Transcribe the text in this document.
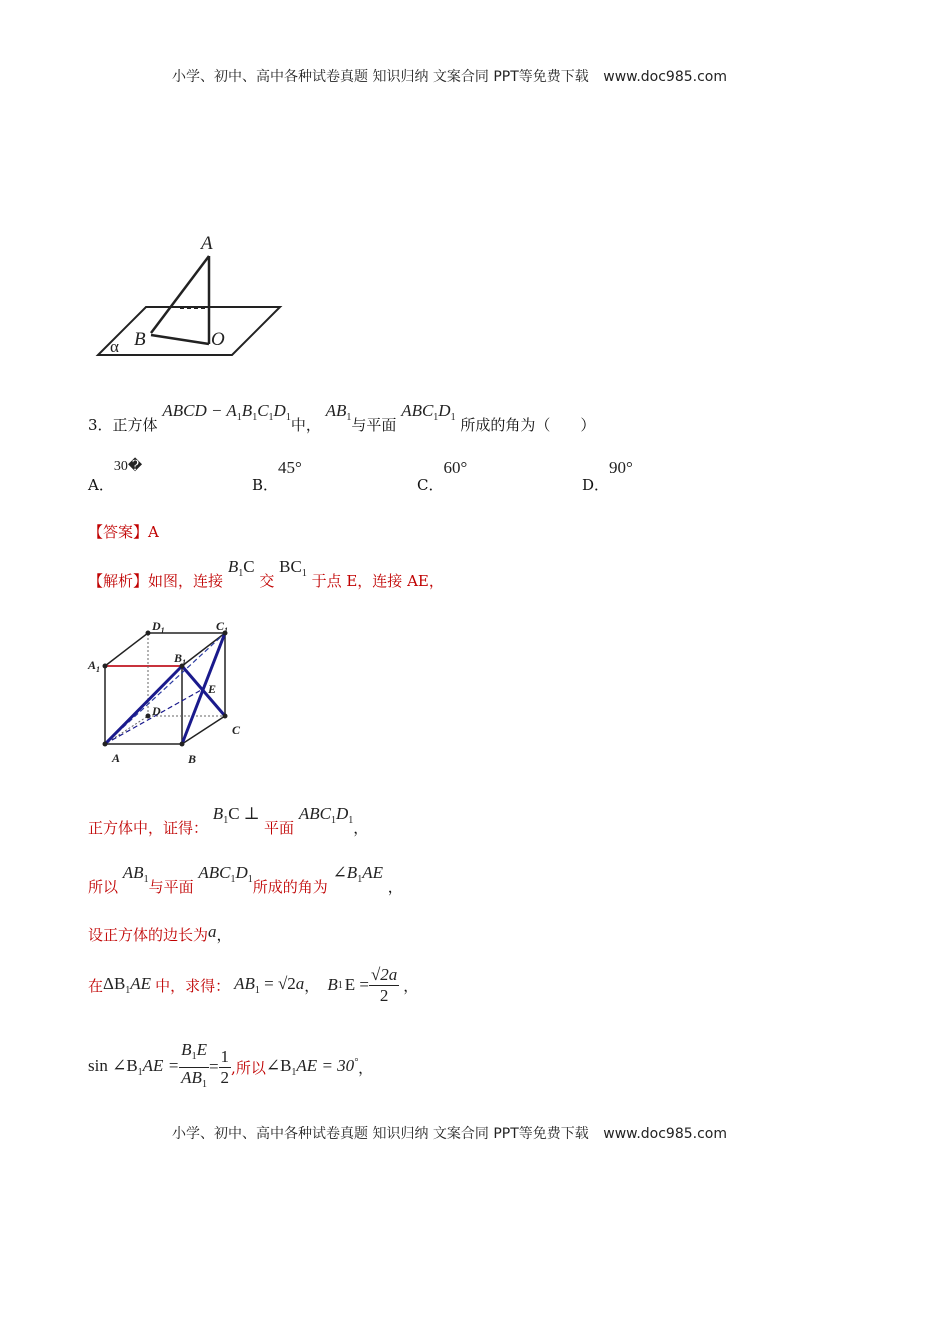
小学、初中、高中各种试卷真题 知识归纳 文案合同 PPT等免费下载 www.doc985.com
A
B	O
α
3．正方体 ABCD − $A_1B_1C_1D_1$中， $AB_1$与平面 $ABC_1D_1$ 所成的角为（　　）
A．30�
B．45°
C．60°
D．90°
【答案】A
【解析】如图，连接 $B_1C$ 交 $BC_1$ 于点 E，连接 AE，
A	B
C
D
E
$A_1$
$B_1$
$C_1$
$D_1$
正方体中，证得： $B_1C$ ⊥ 平面 $ABC_1D_1$，
所以 $AB_1$与平面 $ABC_1D_1$所成的角为 $\angle B_1AE$ ，
设正方体的边长为a，
在 $\Delta B_1AE$ 中，求得： $AB_1 = √2a$ ， B 1 $E = \frac{√2a}{2}$ ，
$\sin \angle B_1AE = \frac{B_1E}{AB_1} = \frac{1}{2}$ ,所以 $\angle B_1AE = 30^\circ$ ，
小学、初中、高中各种试卷真题 知识归纳 文案合同 PPT等免费下载 www.doc985.com
